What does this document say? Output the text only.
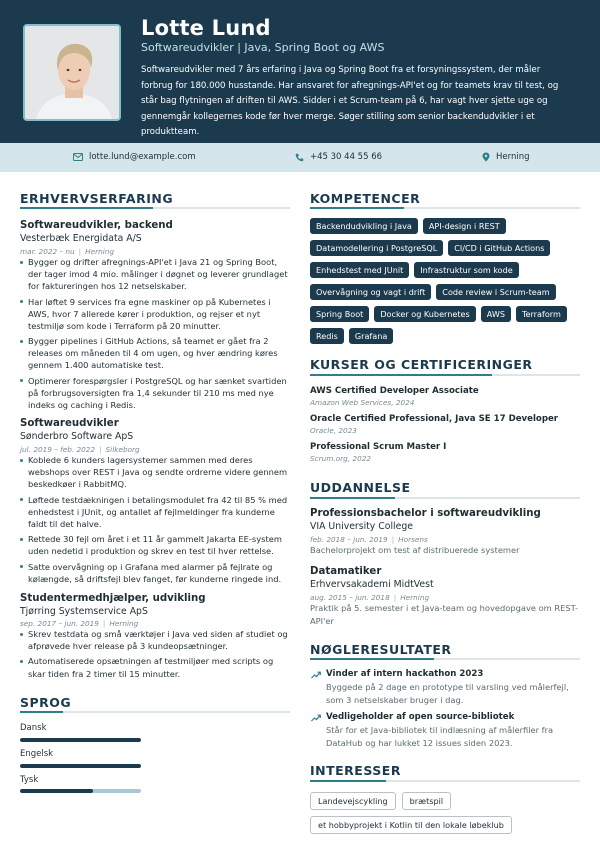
Lotte Lund
Softwareudvikler | Java, Spring Boot og AWS
Softwareudvikler med 7 års erfaring i Java og Spring Boot fra et forsyningssystem, der måler forbrug for 180.000 husstande. Har ansvaret for afregnings-API'et og for teamets krav til test, og står bag flytningen af driften til AWS. Sidder i et Scrum-team på 6, har vagt hver sjette uge og gennemgår kollegernes kode før hver merge. Søger stilling som senior backendudvikler i et produktteam.
lotte.lund@example.com	+45 30 44 55 66	Herning
ERHVERVSERFARING
Softwareudvikler, backend
Vesterbæk Energidata A/S
mar. 2022 – nu | Herning
Bygger og drifter afregnings-API'et i Java 21 og Spring Boot, der tager imod 4 mio. målinger i døgnet og leverer grundlaget for faktureringen hos 12 netselskaber.
Har løftet 9 services fra egne maskiner op på Kubernetes i AWS, hvor 7 allerede kører i produktion, og rejser et nyt testmiljø som kode i Terraform på 20 minutter.
Bygger pipelines i GitHub Actions, så teamet er gået fra 2 releases om måneden til 4 om ugen, og hver ændring køres gennem 1.400 automatiske test.
Optimerer forespørgsler i PostgreSQL og har sænket svartiden på forbrugsoversigten fra 1,4 sekunder til 210 ms med nye indeks og caching i Redis.
Softwareudvikler
Sønderbro Software ApS
jul. 2019 – feb. 2022 | Silkeborg
Koblede 6 kunders lagersystemer sammen med deres webshops over REST i Java og sendte ordrerne videre gennem beskedkøer i RabbitMQ.
Løftede testdækningen i betalingsmodulet fra 42 til 85 % med enhedstest i JUnit, og antallet af fejlmeldinger fra kunderne faldt til det halve.
Rettede 30 fejl om året i et 11 år gammelt Jakarta EE-system uden nedetid i produktion og skrev en test til hver rettelse.
Satte overvågning op i Grafana med alarmer på fejlrate og kølængde, så driftsfejl blev fanget, før kunderne ringede ind.
Studentermedhjælper, udvikling
Tjørring Systemservice ApS
sep. 2017 – jun. 2019 | Herning
Skrev testdata og små værktøjer i Java ved siden af studiet og afprøvede hver release på 3 kundeopsætninger.
Automatiserede opsætningen af testmiljøer med scripts og skar tiden fra 2 timer til 15 minutter.
SPROG
Dansk
Engelsk
Tysk
KOMPETENCER
Backendudvikling i Java	API-design i REST
Datamodellering i PostgreSQL	CI/CD i GitHub Actions
Enhedstest med JUnit	Infrastruktur som kode
Overvågning og vagt i drift	Code review i Scrum-team
Spring Boot	Docker og Kubernetes	AWS	Terraform
Redis	Grafana
KURSER OG CERTIFICERINGER
AWS Certified Developer Associate
Amazon Web Services, 2024
Oracle Certified Professional, Java SE 17 Developer
Oracle, 2023
Professional Scrum Master I
Scrum.org, 2022
UDDANNELSE
Professionsbachelor i softwareudvikling
VIA University College
feb. 2018 – jun. 2019 | Horsens
Bachelorprojekt om test af distribuerede systemer
Datamatiker
Erhvervsakademi MidtVest
aug. 2015 – jun. 2018 | Herning
Praktik på 5. semester i et Java-team og hovedopgave om REST-API'er
NØGLERESULTATER
Vinder af intern hackathon 2023
Byggede på 2 dage en prototype til varsling ved målerfejl, som 3 netselskaber bruger i dag.
Vedligeholder af open source-bibliotek
Står for et Java-bibliotek til indlæsning af målerfiler fra DataHub og har lukket 12 issues siden 2023.
INTERESSER
Landevejscykling	brætspil
et hobbyprojekt i Kotlin til den lokale løbeklub
